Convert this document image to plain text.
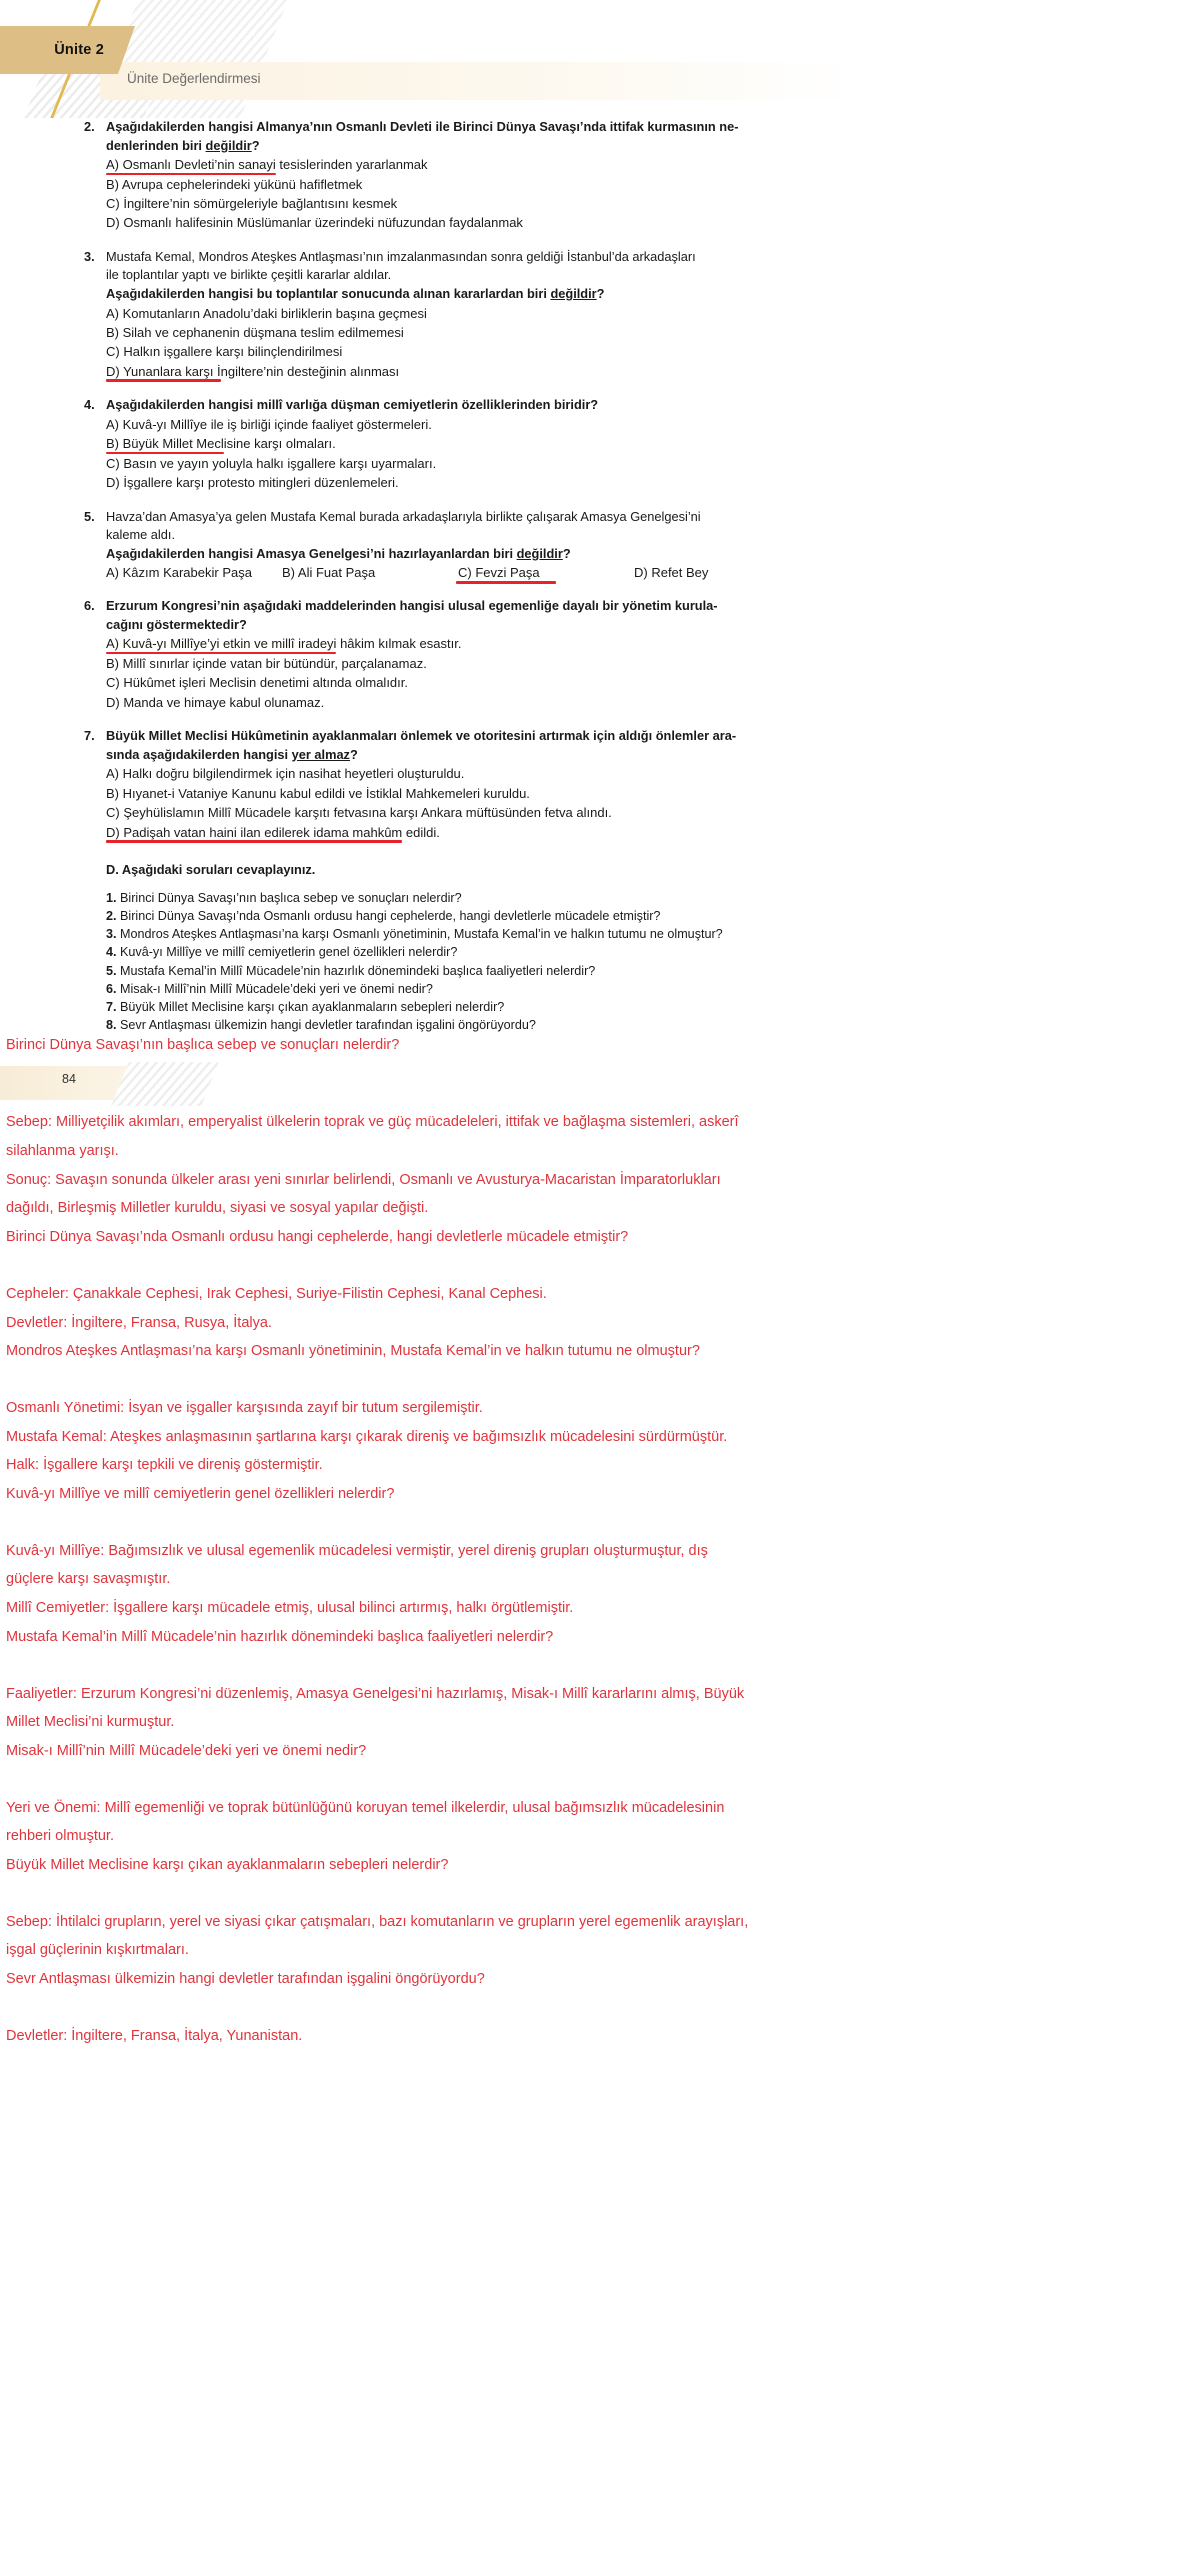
Ünite 2
Ünite Değerlendirmesi
2. Aşağıdakilerden hangisi Almanya’nın Osmanlı Devleti ile Birinci Dünya Savaşı’nda ittifak kurmasının ne-
denlerinden biri değildir?
A) Osmanlı Devleti’nin sanayi tesislerinden yararlanmak
B) Avrupa cephelerindeki yükünü hafifletmek
C) İngiltere’nin sömürgeleriyle bağlantısını kesmek
D) Osmanlı halifesinin Müslümanlar üzerindeki nüfuzundan faydalanmak
3. Mustafa Kemal, Mondros Ateşkes Antlaşması’nın imzalanmasından sonra geldiği İstanbul’da arkadaşları
ile toplantılar yaptı ve birlikte çeşitli kararlar aldılar.
Aşağıdakilerden hangisi bu toplantılar sonucunda alınan kararlardan biri değildir?
A) Komutanların Anadolu’daki birliklerin başına geçmesi
B) Silah ve cephanenin düşmana teslim edilmemesi
C) Halkın işgallere karşı bilinçlendirilmesi
D) Yunanlara karşı İngiltere’nin desteğinin alınması
4. Aşağıdakilerden hangisi millî varlığa düşman cemiyetlerin özelliklerinden biridir?
A) Kuvâ-yı Millîye ile iş birliği içinde faaliyet göstermeleri.
B) Büyük Millet Meclisine karşı olmaları.
C) Basın ve yayın yoluyla halkı işgallere karşı uyarmaları.
D) İşgallere karşı protesto mitingleri düzenlemeleri.
5. Havza’dan Amasya’ya gelen Mustafa Kemal burada arkadaşlarıyla birlikte çalışarak Amasya Genelgesi’ni
kaleme aldı.
Aşağıdakilerden hangisi Amasya Genelgesi’ni hazırlayanlardan biri değildir?
A) Kâzım Karabekir Paşa	B) Ali Fuat Paşa	C) Fevzi Paşa	D) Refet Bey
6. Erzurum Kongresi’nin aşağıdaki maddelerinden hangisi ulusal egemenliğe dayalı bir yönetim kurula-
cağını göstermektedir?
A) Kuvâ-yı Millîye’yi etkin ve millî iradeyi hâkim kılmak esastır.
B) Millî sınırlar içinde vatan bir bütündür, parçalanamaz.
C) Hükûmet işleri Meclisin denetimi altında olmalıdır.
D) Manda ve himaye kabul olunamaz.
7. Büyük Millet Meclisi Hükûmetinin ayaklanmaları önlemek ve otoritesini artırmak için aldığı önlemler ara-
sında aşağıdakilerden hangisi yer almaz?
A) Halkı doğru bilgilendirmek için nasihat heyetleri oluşturuldu.
B) Hıyanet-i Vataniye Kanunu kabul edildi ve İstiklal Mahkemeleri kuruldu.
C) Şeyhülislamın Millî Mücadele karşıtı fetvasına karşı Ankara müftüsünden fetva alındı.
D) Padişah vatan haini ilan edilerek idama mahkûm edildi.
D. Aşağıdaki soruları cevaplayınız.
1. Birinci Dünya Savaşı’nın başlıca sebep ve sonuçları nelerdir?
2. Birinci Dünya Savaşı’nda Osmanlı ordusu hangi cephelerde, hangi devletlerle mücadele etmiştir?
3. Mondros Ateşkes Antlaşması’na karşı Osmanlı yönetiminin, Mustafa Kemal’in ve halkın tutumu ne olmuştur?
4. Kuvâ-yı Millîye ve millî cemiyetlerin genel özellikleri nelerdir?
5. Mustafa Kemal’in Millî Mücadele’nin hazırlık dönemindeki başlıca faaliyetleri nelerdir?
6. Misak-ı Millî’nin Millî Mücadele’deki yeri ve önemi nedir?
7. Büyük Millet Meclisine karşı çıkan ayaklanmaların sebepleri nelerdir?
8. Sevr Antlaşması ülkemizin hangi devletler tarafından işgalini öngörüyordu?
Birinci Dünya Savaşı’nın başlıca sebep ve sonuçları nelerdir?
84
Sebep: Milliyetçilik akımları, emperyalist ülkelerin toprak ve güç mücadeleleri, ittifak ve bağlaşma sistemleri, askerî
silahlanma yarışı.
Sonuç: Savaşın sonunda ülkeler arası yeni sınırlar belirlendi, Osmanlı ve Avusturya-Macaristan İmparatorlukları
dağıldı, Birleşmiş Milletler kuruldu, siyasi ve sosyal yapılar değişti.
Birinci Dünya Savaşı’nda Osmanlı ordusu hangi cephelerde, hangi devletlerle mücadele etmiştir?
Cepheler: Çanakkale Cephesi, Irak Cephesi, Suriye-Filistin Cephesi, Kanal Cephesi.
Devletler: İngiltere, Fransa, Rusya, İtalya.
Mondros Ateşkes Antlaşması’na karşı Osmanlı yönetiminin, Mustafa Kemal’in ve halkın tutumu ne olmuştur?
Osmanlı Yönetimi: İsyan ve işgaller karşısında zayıf bir tutum sergilemiştir.
Mustafa Kemal: Ateşkes anlaşmasının şartlarına karşı çıkarak direniş ve bağımsızlık mücadelesini sürdürmüştür.
Halk: İşgallere karşı tepkili ve direniş göstermiştir.
Kuvâ-yı Millîye ve millî cemiyetlerin genel özellikleri nelerdir?
Kuvâ-yı Millîye: Bağımsızlık ve ulusal egemenlik mücadelesi vermiştir, yerel direniş grupları oluşturmuştur, dış
güçlere karşı savaşmıştır.
Millî Cemiyetler: İşgallere karşı mücadele etmiş, ulusal bilinci artırmış, halkı örgütlemiştir.
Mustafa Kemal’in Millî Mücadele’nin hazırlık dönemindeki başlıca faaliyetleri nelerdir?
Faaliyetler: Erzurum Kongresi’ni düzenlemiş, Amasya Genelgesi’ni hazırlamış, Misak-ı Millî kararlarını almış, Büyük
Millet Meclisi’ni kurmuştur.
Misak-ı Millî’nin Millî Mücadele’deki yeri ve önemi nedir?
Yeri ve Önemi: Millî egemenliği ve toprak bütünlüğünü koruyan temel ilkelerdir, ulusal bağımsızlık mücadelesinin
rehberi olmuştur.
Büyük Millet Meclisine karşı çıkan ayaklanmaların sebepleri nelerdir?
Sebep: İhtilalci grupların, yerel ve siyasi çıkar çatışmaları, bazı komutanların ve grupların yerel egemenlik arayışları,
işgal güçlerinin kışkırtmaları.
Sevr Antlaşması ülkemizin hangi devletler tarafından işgalini öngörüyordu?
Devletler: İngiltere, Fransa, İtalya, Yunanistan.
